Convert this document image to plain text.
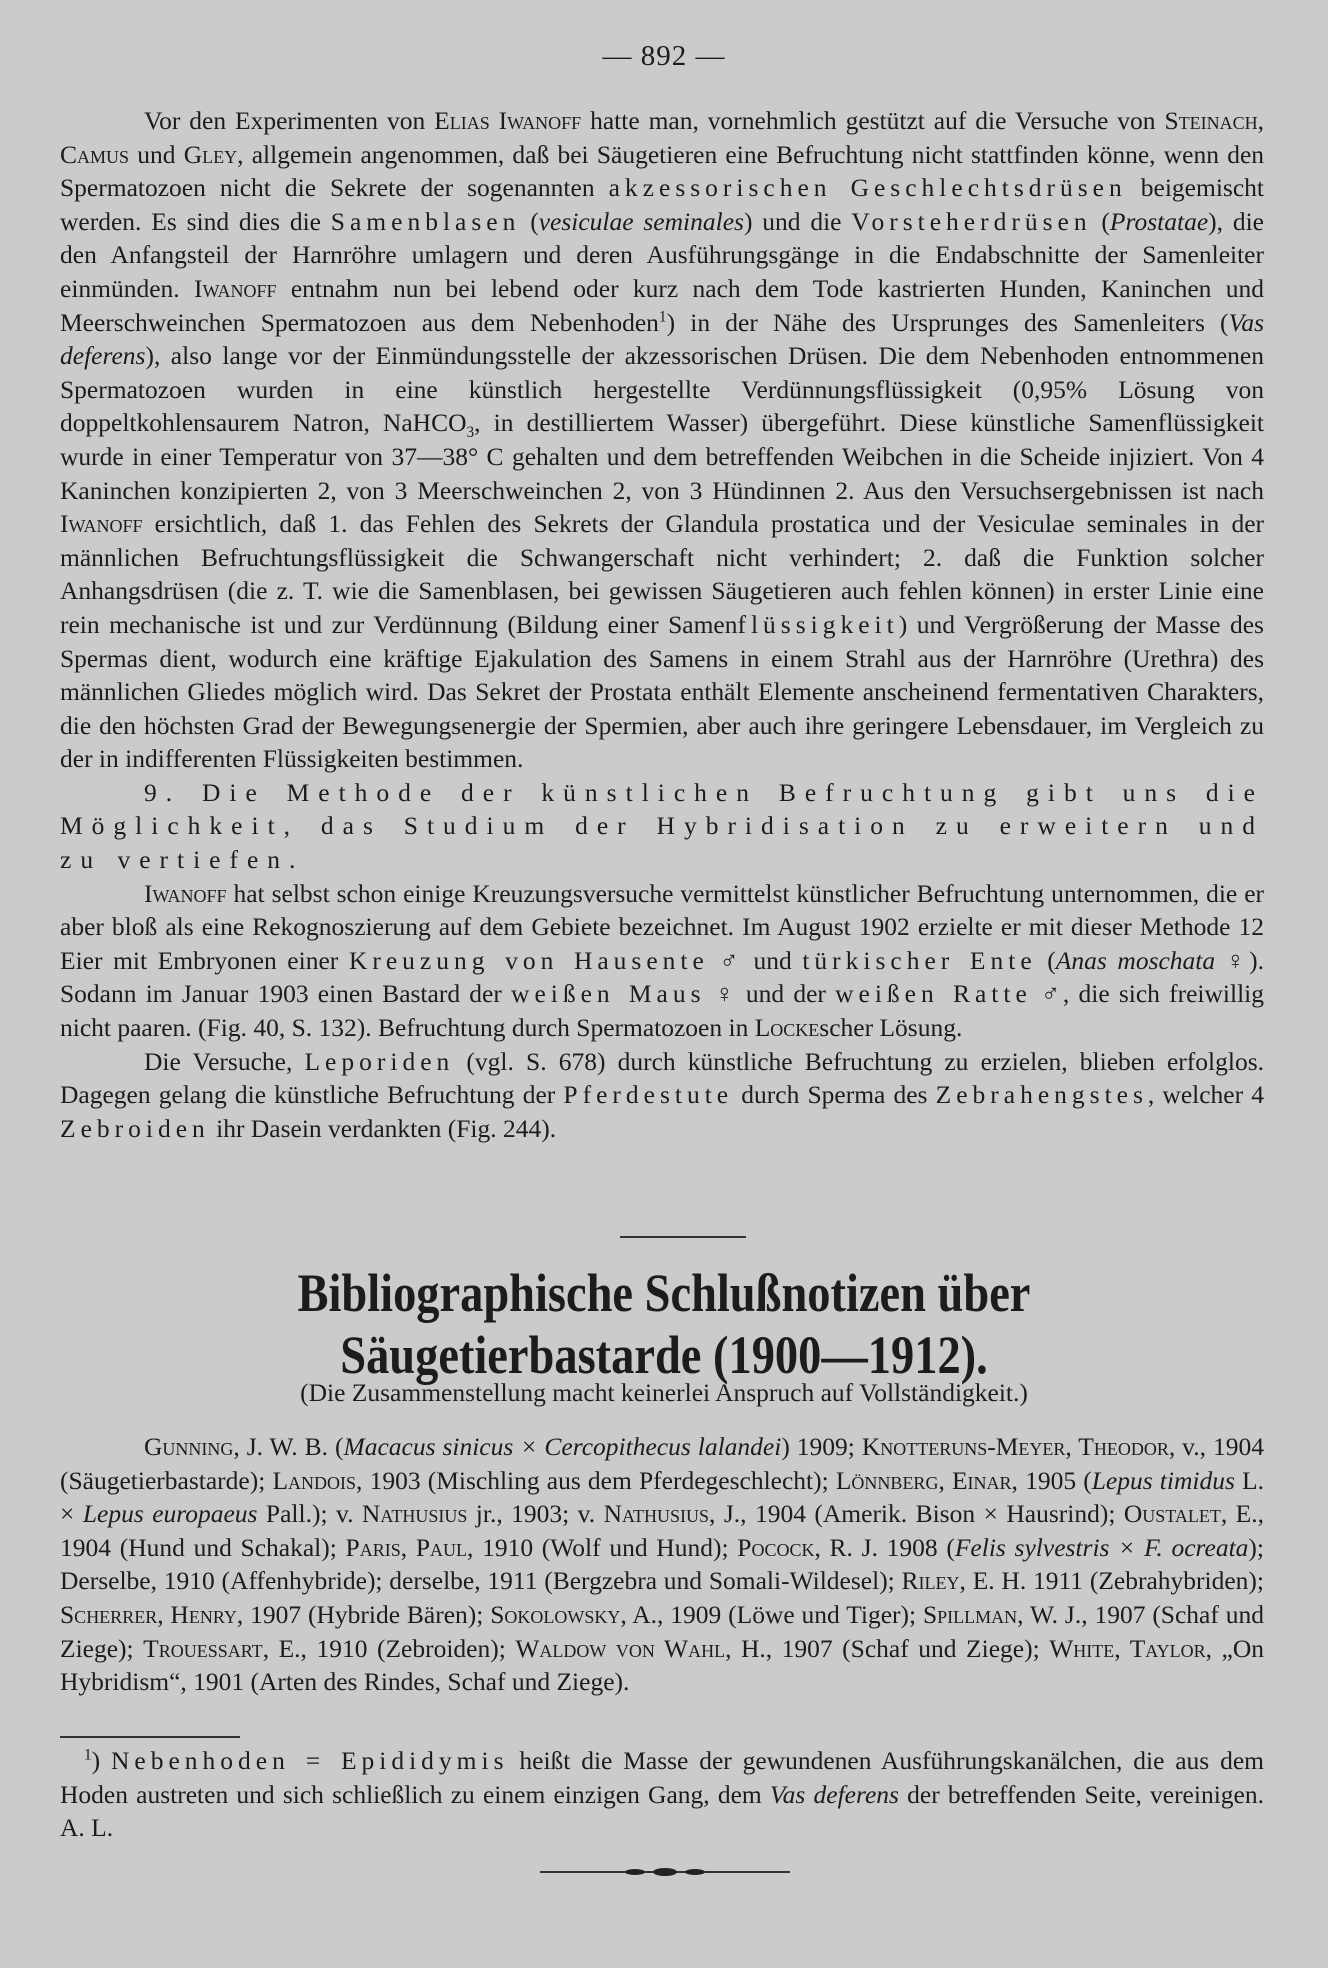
— 892 —

Vor den Experimenten von Elias Iwanoff hatte man, vornehmlich gestützt auf die Versuche von Steinach, Camus und Gley, allgemein angenommen, daß bei Säugetieren eine Befruchtung nicht stattfinden könne, wenn den Spermatozoen nicht die Sekrete der sogenannten akzessorischen Geschlechtsdrüsen beigemischt werden. Es sind dies die Samenblasen (vesiculae seminales) und die Vorsteherdrüsen (Prostatae), die den Anfangsteil der Harnröhre umlagern und deren Ausführungsgänge in die Endabschnitte der Samenleiter einmünden. Iwanoff entnahm nun bei lebend oder kurz nach dem Tode kastrierten Hunden, Kaninchen und Meerschweinchen Spermatozoen aus dem Nebenhoden$^1$) in der Nähe des Ursprunges des Samenleiters (Vas deferens), also lange vor der Einmündungsstelle der akzessorischen Drüsen. Die dem Nebenhoden entnommenen Spermatozoen wurden in eine künstlich hergestellte Verdünnungsflüssigkeit (0,95% Lösung von doppeltkohlensaurem Natron, NaHCO$_3$, in destilliertem Wasser) übergeführt. Diese künstliche Samenflüssigkeit wurde in einer Temperatur von 37—38° C gehalten und dem betreffenden Weibchen in die Scheide injiziert. Von 4 Kaninchen konzipierten 2, von 3 Meerschweinchen 2, von 3 Hündinnen 2. Aus den Versuchsergebnissen ist nach Iwanoff ersichtlich, daß 1. das Fehlen des Sekrets der Glandula prostatica und der Vesiculae seminales in der männlichen Befruchtungsflüssigkeit die Schwangerschaft nicht verhindert; 2. daß die Funktion solcher Anhangsdrüsen (die z. T. wie die Samenblasen, bei gewissen Säugetieren auch fehlen können) in erster Linie eine rein mechanische ist und zur Verdünnung (Bildung einer Samenflüssigkeit) und Vergrößerung der Masse des Spermas dient, wodurch eine kräftige Ejakulation des Samens in einem Strahl aus der Harnröhre (Urethra) des männlichen Gliedes möglich wird. Das Sekret der Prostata enthält Elemente anscheinend fermentativen Charakters, die den höchsten Grad der Bewegungsenergie der Spermien, aber auch ihre geringere Lebensdauer, im Vergleich zu der in indifferenten Flüssigkeiten bestimmen.

9. Die Methode der künstlichen Befruchtung gibt uns die Möglichkeit, das Studium der Hybridisation zu erweitern und zu vertiefen.

Iwanoff hat selbst schon einige Kreuzungsversuche vermittelst künstlicher Befruchtung unternommen, die er aber bloß als eine Rekognoszierung auf dem Gebiete bezeichnet. Im August 1902 erzielte er mit dieser Methode 12 Eier mit Embryonen einer Kreuzung von Hausente ♂ und türkischer Ente (Anas moschata ♀). Sodann im Januar 1903 einen Bastard der weißen Maus ♀ und der weißen Ratte ♂, die sich freiwillig nicht paaren. (Fig. 40, S. 132). Befruchtung durch Spermatozoen in Lockescher Lösung.

Die Versuche, Leporiden (vgl. S. 678) durch künstliche Befruchtung zu erzielen, blieben erfolglos. Dagegen gelang die künstliche Befruchtung der Pferdestute durch Sperma des Zebrahengstes, welcher 4 Zebroiden ihr Dasein verdankten (Fig. 244).

Bibliographische Schlußnotizen über Säugetierbastarde (1900—1912).
(Die Zusammenstellung macht keinerlei Anspruch auf Vollständigkeit.)

Gunning, J. W. B. (Macacus sinicus × Cercopithecus lalandei) 1909; Knotteruns-Meyer, Theodor, v., 1904 (Säugetierbastarde); Landois, 1903 (Mischling aus dem Pferdegeschlecht); Lönnberg, Einar, 1905 (Lepus timidus L. × Lepus europaeus Pall.); v. Nathusius jr., 1903; v. Nathusius, J., 1904 (Amerik. Bison × Hausrind); Oustalet, E., 1904 (Hund und Schakal); Paris, Paul, 1910 (Wolf und Hund); Pocock, R. J. 1908 (Felis sylvestris × F. ocreata); Derselbe, 1910 (Affenhybride); derselbe, 1911 (Bergzebra und Somali-Wildesel); Riley, E. H. 1911 (Zebrahybriden); Scherrer, Henry, 1907 (Hybride Bären); Sokolowsky, A., 1909 (Löwe und Tiger); Spillman, W. J., 1907 (Schaf und Ziege); Trouessart, E., 1910 (Zebroiden); Waldow von Wahl, H., 1907 (Schaf und Ziege); White, Taylor, „On Hybridism“, 1901 (Arten des Rindes, Schaf und Ziege).

$^1$) Nebenhoden = Epididymis heißt die Masse der gewundenen Ausführungskanälchen, die aus dem Hoden austreten und sich schließlich zu einem einzigen Gang, dem Vas deferens der betreffenden Seite, vereinigen. A. L.
